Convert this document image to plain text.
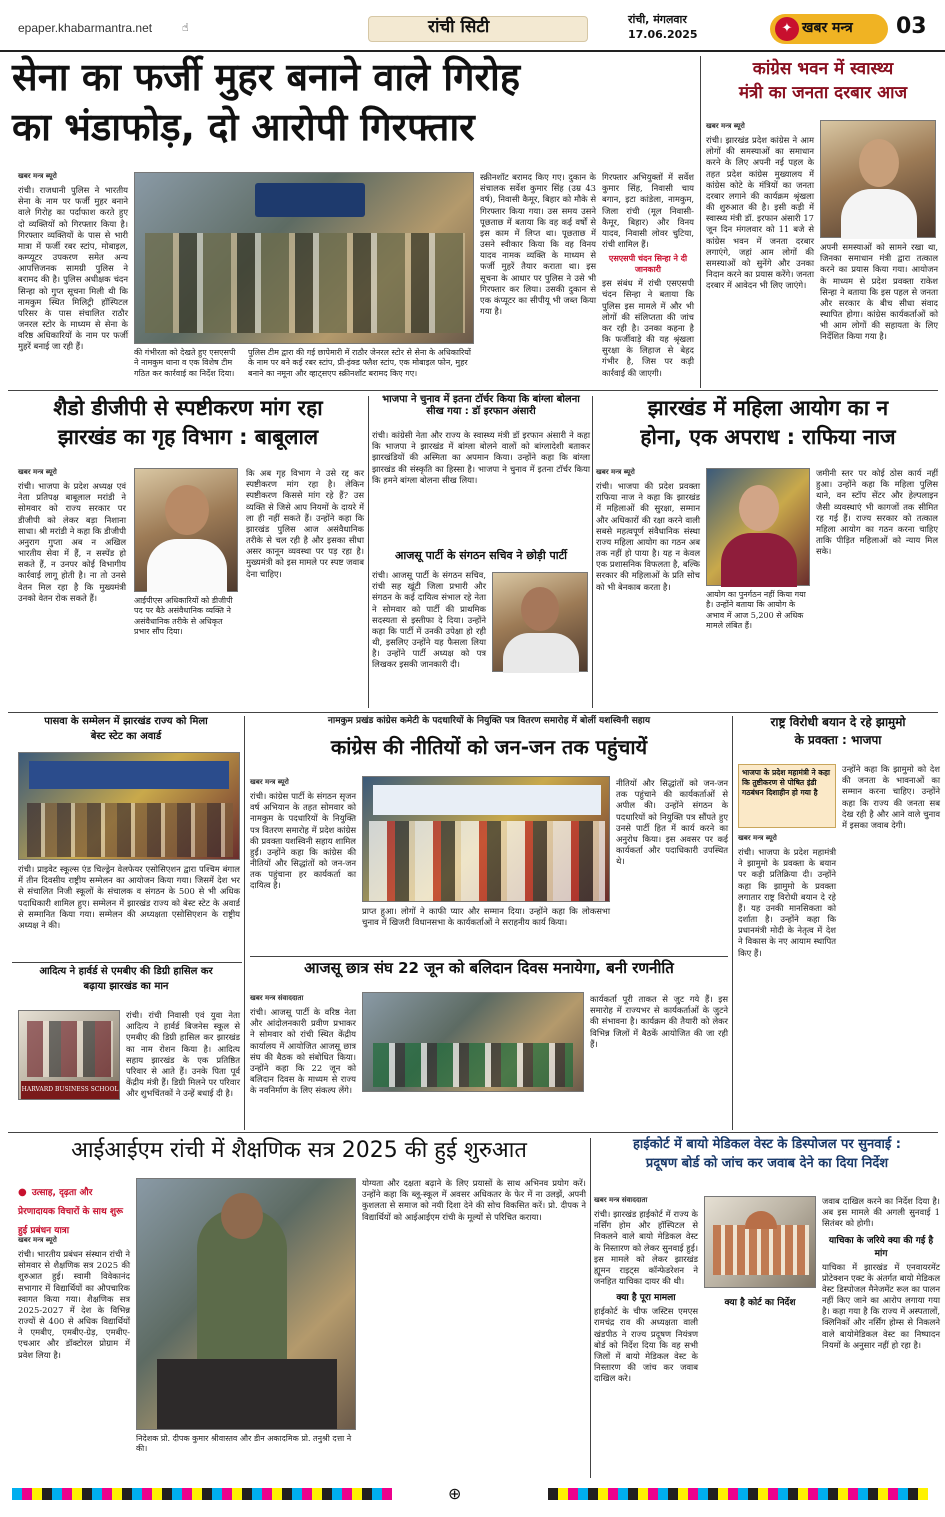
epaper.khabarmantra.net	☝	रांची सिटी	रांची, मंगलवार
17.06.2025	✦ खबर मन्त्र 03
सेना का फर्जी मुहर बनाने वाले गिरोह
का भंडाफोड़, दो आरोपी गिरफ्तार
खबर मन्त्र ब्यूरो
रांची। राजधानी पुलिस ने भारतीय सेना के नाम पर फर्जी मुहर बनाने वाले गिरोह का पर्दाफाश करते हुए दो व्यक्तियों को गिरफ्तार किया है। गिरफ्तार व्यक्तियों के पास से भारी मात्रा में फर्जी रबर स्टांप, मोबाइल, कम्प्यूटर उपकरण समेत अन्य आपत्तिजनक सामग्री पुलिस ने बरामद की है। पुलिस अधीक्षक चंदन सिन्हा को गुप्त सूचना मिली थी कि नामकुम स्थित मिलिट्री हॉस्पिटल परिसर के पास संचालित राठौर जनरल स्टोर के माध्यम से सेना के वरिष्ठ अधिकारियों के नाम पर फर्जी मुहरें बनाई जा रही हैं।
की गंभीरता को देखते हुए एसएसपी ने नामकुम थाना व एक विशेष टीम गठित कर कार्रवाई का निर्देश दिया।
पुलिस टीम द्वारा की गई छापेमारी में राठौर जेनरल स्टोर से सेना के अधिकारियों के नाम पर बने कई रबर स्टांप, प्री-इंक्ड फ्लैश स्टांप, एक मोबाइल फोन, मुहर बनाने का नमूना और व्हाट्सएप स्क्रीनशॉट बरामद किए गए।
स्क्रीनशॉट बरामद किए गए। दुकान के संचालक सर्वेश कुमार सिंह (उम्र 43 वर्ष), निवासी कैमूर, बिहार को मौके से गिरफ्तार किया गया। उस समय उसने पूछताछ में बताया कि वह कई वर्षों से इस काम में लिप्त था। पूछताछ में उसने स्वीकार किया कि वह विनय यादव नामक व्यक्ति के माध्यम से फर्जी मुहरें तैयार कराता था। इस सूचना के आधार पर पुलिस ने उसे भी गिरफ्तार कर लिया। उसकी दुकान से एक कंप्यूटर का सीपीयू भी जब्त किया गया है।
गिरफ्तार अभियुक्तों में सर्वेश कुमार सिंह, निवासी चाय बगान, इटा कांडेला, नामकुम, जिला रांची (मूल निवासी- कैमूर, बिहार) और विनय यादव, निवासी लोवर चुटिया, रांची शामिल हैं।
एसएसपी चंदन सिन्हा ने दी जानकारी
इस संबंध में रांची एसएसपी चंदन सिन्हा ने बताया कि पुलिस इस मामले में और भी लोगों की संलिप्तता की जांच कर रही है। उनका कहना है कि फर्जीवाड़े की यह श्रृंखला सुरक्षा के लिहाज से बेहद गंभीर है, जिस पर कड़ी कार्रवाई की जाएगी।
कांग्रेस भवन में स्वास्थ्य
मंत्री का जनता दरबार आज
खबर मन्त्र ब्यूरो
रांची। झारखंड प्रदेश कांग्रेस ने आम लोगों की समस्याओं का समाधान करने के लिए अपनी नई पहल के तहत प्रदेश कांग्रेस मुख्यालय में कांग्रेस कोटे के मंत्रियों का जनता दरबार लगाने की कार्यक्रम श्रृंखला की शुरुआत की है। इसी कड़ी में स्वास्थ्य मंत्री डॉ. इरफान अंसारी 17 जून दिन मंगलवार को 11 बजे से कांग्रेस भवन में जनता दरबार लगाएंगे, जहां आम लोगों की समस्याओं को सुनेंगे और उनका निदान करने का प्रयास करेंगे। जनता दरबार में आवेदन भी लिए जाएंगे।
अपनी समस्याओं को सामने रखा था, जिनका समाधान मंत्री द्वारा तत्काल करने का प्रयास किया गया। आयोजन के माध्यम से प्रदेश प्रवक्ता राकेश सिन्हा ने बताया कि इस पहल से जनता और सरकार के बीच सीधा संवाद स्थापित होगा। कांग्रेस कार्यकर्ताओं को भी आम लोगों की सहायता के लिए निर्देशित किया गया है।
शैडो डीजीपी से स्पष्टीकरण मांग रहा
झारखंड का गृह विभाग : बाबूलाल
खबर मन्त्र ब्यूरो
रांची। भाजपा के प्रदेश अध्यक्ष एवं नेता प्रतिपक्ष बाबूलाल मरांडी ने सोमवार को राज्य सरकार पर डीजीपी को लेकर बड़ा निशाना साधा। श्री मरांडी ने कहा कि डीजीपी अनुराग गुप्ता अब न अखिल भारतीय सेवा में हैं, न सस्पेंड हो सकते हैं, न उनपर कोई विभागीय कार्रवाई लागू होती है। ना तो उनसे वेतन मिल रहा है कि मुख्यमंत्री उनको वेतन रोक सकते हैं।	आईपीएस अधिकारियों को डीजीपी पद पर बैठे असंवैधानिक व्यक्ति ने असंवैधानिक तरीके से अधिकृत प्रभार सौंप दिया।
कि अब गृह विभाग ने उसे रद्द कर स्पष्टीकरण मांग रहा है। लेकिन स्पष्टीकरण किससे मांग रहे हैं? उस व्यक्ति से जिसे आप नियमों के दायरे में ला ही नहीं सकते हैं। उन्होंने कहा कि झारखंड पुलिस आज असंवैधानिक तरीके से चल रही है और इसका सीधा असर कानून व्यवस्था पर पड़ रहा है। मुख्यमंत्री को इस मामले पर स्पष्ट जवाब देना चाहिए।
भाजपा ने चुनाव में इतना टॉर्चर किया कि बांग्ला बोलना सीख गया : डॉ इरफान अंसारी
रांची। कांग्रेसी नेता और राज्य के स्वास्थ्य मंत्री डॉ इरफान अंसारी ने कहा कि भाजपा ने झारखंड में बांग्ला बोलने वालों को बांग्लादेशी बताकर झारखंडियों की अस्मिता का अपमान किया। उन्होंने कहा कि बांग्ला झारखंड की संस्कृति का हिस्सा है। भाजपा ने चुनाव में इतना टॉर्चर किया कि हमने बांग्ला बोलना सीख लिया।
आजसू पार्टी के संगठन सचिव ने छोड़ी पार्टी
रांची। आजसू पार्टी के संगठन सचिव, रांची सह खूंटी जिला प्रभारी और संगठन के कई दायित्व संभाल रहे नेता ने सोमवार को पार्टी की प्राथमिक सदस्यता से इस्तीफा दे दिया। उन्होंने कहा कि पार्टी में उनकी उपेक्षा हो रही थी, इसलिए उन्होंने यह फैसला लिया है। उन्होंने पार्टी अध्यक्ष को पत्र लिखकर इसकी जानकारी दी।
झारखंड में महिला आयोग का न
होना, एक अपराध : राफिया नाज
खबर मन्त्र ब्यूरो
रांची। भाजपा की प्रदेश प्रवक्ता राफिया नाज ने कहा कि झारखंड में महिलाओं की सुरक्षा, सम्मान और अधिकारों की रक्षा करने वाली सबसे महत्वपूर्ण संवैधानिक संस्था राज्य महिला आयोग का गठन अब तक नहीं हो पाया है। यह न केवल एक प्रशासनिक विफलता है, बल्कि सरकार की महिलाओं के प्रति सोच को भी बेनकाब करता है।
आयोग का पुनर्गठन नहीं किया गया है। उन्होंने बताया कि आयोग के अभाव में आज 5,200 से अधिक मामले लंबित हैं।
जमीनी स्तर पर कोई ठोस कार्य नहीं हुआ। उन्होंने कहा कि महिला पुलिस थाने, वन स्टॉप सेंटर और हेल्पलाइन जैसी व्यवस्थाएं भी कागजों तक सीमित रह गई हैं। राज्य सरकार को तत्काल महिला आयोग का गठन करना चाहिए ताकि पीड़ित महिलाओं को न्याय मिल सके।
पासवा के सम्मेलन में झारखंड राज्य को मिला
बेस्ट स्टेट का अवार्ड
रांची। प्राइवेट स्कूल्स एंड चिल्ड्रेन वेलफेयर एसोसिएशन द्वारा पश्चिम बंगाल में तीन दिवसीय राष्ट्रीय सम्मेलन का आयोजन किया गया। जिसमें देश भर से संचालित निजी स्कूलों के संचालक व संगठन के 500 से भी अधिक पदाधिकारी शामिल हुए। सम्मेलन में झारखंड राज्य को बेस्ट स्टेट के अवार्ड से सम्मानित किया गया। सम्मेलन की अध्यक्षता एसोसिएशन के राष्ट्रीय अध्यक्ष ने की।
आदित्य ने हार्वर्ड से एमबीए की डिग्री हासिल कर
बढ़ाया झारखंड का मान
HARVARD BUSINESS SCHOOL
रांची। रांची निवासी एवं युवा नेता आदित्य ने हार्वर्ड बिजनेस स्कूल से एमबीए की डिग्री हासिल कर झारखंड का नाम रोशन किया है। आदित्य सहाय झारखंड के एक प्रतिष्ठित परिवार से आते हैं। उनके पिता पूर्व केंद्रीय मंत्री हैं। डिग्री मिलने पर परिवार और शुभचिंतकों ने उन्हें बधाई दी है।
नामकुम प्रखंड कांग्रेस कमेटी के पदधारियों के नियुक्ति पत्र वितरण समारोह में बोलीं यशस्विनी सहाय
कांग्रेस की नीतियों को जन-जन तक पहुंचायें
खबर मन्त्र ब्यूरो
रांची। कांग्रेस पार्टी के संगठन सृजन वर्ष अभियान के तहत सोमवार को नामकुम के पदधारियों के नियुक्ति पत्र वितरण समारोह में प्रदेश कांग्रेस की प्रवक्ता यशस्विनी सहाय शामिल हुईं। उन्होंने कहा कि कांग्रेस की नीतियों और सिद्धांतों को जन-जन तक पहुंचाना हर कार्यकर्ता का दायित्व है।
नीतियों और सिद्धांतों को जन-जन तक पहुंचाने की कार्यकर्ताओं से अपील की। उन्होंने संगठन के पदधारियों को नियुक्ति पत्र सौंपते हुए उनसे पार्टी हित में कार्य करने का अनुरोध किया। इस अवसर पर कई कार्यकर्ता और पदाधिकारी उपस्थित थे।
प्राप्त हुआ। लोगों ने काफी प्यार और सम्मान दिया। उन्होंने कहा कि लोकसभा चुनाव में खिजरी विधानसभा के कार्यकर्ताओं ने सराहनीय कार्य किया।
आजसू छात्र संघ 22 जून को बलिदान दिवस मनायेगा, बनी रणनीति
खबर मन्त्र संवाददाता
रांची। आजसू पार्टी के वरिष्ठ नेता और आंदोलनकारी प्रवीण प्रभाकर ने सोमवार को रांची स्थित केंद्रीय कार्यालय में आयोजित आजसू छात्र संघ की बैठक को संबोधित किया। उन्होंने कहा कि 22 जून को बलिदान दिवस के माध्यम से राज्य के नवनिर्माण के लिए संकल्प लेंगे।
कार्यकर्ता पूरी ताकत से जुट गये हैं। इस समारोह में राज्यभर से कार्यकर्ताओं के जुटने की संभावना है। कार्यक्रम की तैयारी को लेकर विभिन्न जिलों में बैठकें आयोजित की जा रही हैं।
राष्ट्र विरोधी बयान दे रहे झामुमो
के प्रवक्ता : भाजपा
भाजपा के प्रदेश महामंत्री ने कहा कि तुष्टीकरण से पोषित इंडी गठबंधन दिशाहीन हो गया है
खबर मन्त्र ब्यूरो
रांची। भाजपा के प्रदेश महामंत्री ने झामुमो के प्रवक्ता के बयान पर कड़ी प्रतिक्रिया दी। उन्होंने कहा कि झामुमो के प्रवक्ता लगातार राष्ट्र विरोधी बयान दे रहे हैं। यह उनकी मानसिकता को दर्शाता है। उन्होंने कहा कि प्रधानमंत्री मोदी के नेतृत्व में देश ने विकास के नए आयाम स्थापित किए हैं।
उन्होंने कहा कि झामुमो को देश की जनता के भावनाओं का सम्मान करना चाहिए। उन्होंने कहा कि राज्य की जनता सब देख रही है और आने वाले चुनाव में इसका जवाब देगी।
आईआईएम रांची में शैक्षणिक सत्र 2025 की हुई शुरुआत
● उत्साह, दृढ़ता और प्रेरणादायक विचारों के साथ शुरू हुई प्रबंधन यात्रा
खबर मन्त्र ब्यूरो
रांची। भारतीय प्रबंधन संस्थान रांची ने सोमवार से शैक्षणिक सत्र 2025 की शुरुआत हुई। स्वामी विवेकानंद सभागार में विद्यार्थियों का औपचारिक स्वागत किया गया। शैक्षणिक सत्र 2025-2027 में देश के विभिन्न राज्यों से 400 से अधिक विद्यार्थियों ने एमबीए, एमबीए-ग्रेड़, एमबीए-एचआर और डॉक्टोरल प्रोग्राम में प्रवेश लिया है।
निदेशक प्रो. दीपक कुमार श्रीवास्तव और डीन अकादमिक प्रो. तनुश्री दत्ता ने की।
योग्यता और दक्षता बढ़ाने के लिए प्रयासों के साथ अभिनव प्रयोग करें। उन्होंने कहा कि ब्लू-स्कूल में अवसर अधिकतर के फेर में ना उलझें, अपनी कुशलता से समाज को नयी दिशा देने की सोच विकसित करें। प्रो. दीपक ने विद्यार्थियों को आईआईएम रांची के मूल्यों से परिचित कराया।
हाईकोर्ट में बायो मेडिकल वेस्ट के डिस्पोजल पर सुनवाई :
प्रदूषण बोर्ड को जांच कर जवाब देने का दिया निर्देश
खबर मन्त्र संवाददाता
रांची। झारखंड हाईकोर्ट में राज्य के नर्सिंग होम और हॉस्पिटल से निकलने वाले बायो मेडिकल वेस्ट के निस्तारण को लेकर सुनवाई हुई। इस मामले को लेकर झारखंड ह्यूमन राइट्स कॉन्फेडरेशन ने जनहित याचिका दायर की थी।
क्या है पूरा मामला
हाईकोर्ट के चीफ जस्टिस एमएस रामचंद्र राव की अध्यक्षता वाली खंडपीठ ने राज्य प्रदूषण नियंत्रण बोर्ड को निर्देश दिया कि वह सभी जिलों में बायो मेडिकल वेस्ट के निस्तारण की जांच कर जवाब दाखिल करे।
क्या है कोर्ट का निर्देश
जवाब दाखिल करने का निर्देश दिया है। अब इस मामले की अगली सुनवाई 1 सितंबर को होगी।
याचिका के जरिये क्या की गई है मांग
याचिका में झारखंड में एनवायरमेंट प्रोटेक्शन एक्ट के अंतर्गत बायो मेडिकल वेस्ट डिस्पोजल मैनेजमेंट रूल का पालन नहीं किए जाने का आरोप लगाया गया है। कहा गया है कि राज्य में अस्पतालों, क्लिनिकों और नर्सिंग होम्स से निकलने वाले बायोमेडिकल वेस्ट का निष्पादन नियमों के अनुसार नहीं हो रहा है।
⊕
